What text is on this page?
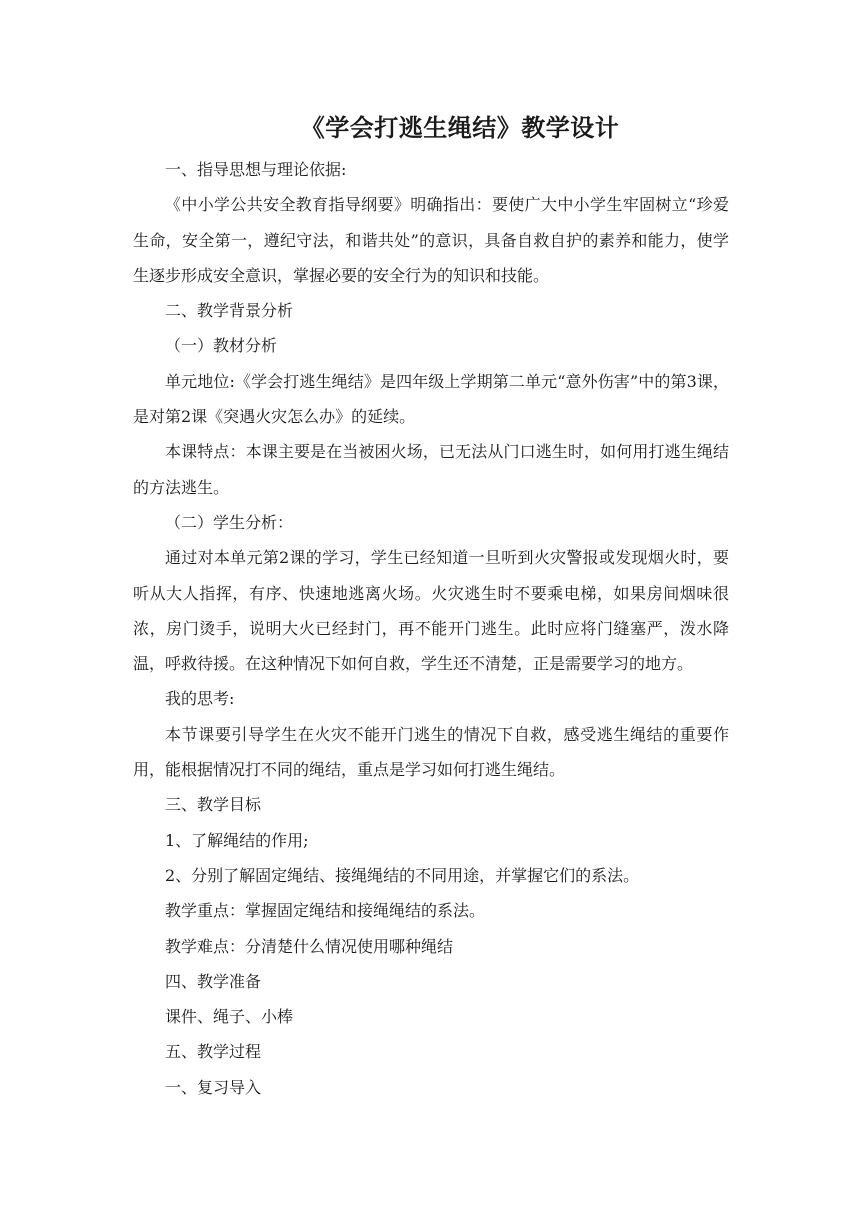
《学会打逃生绳结》教学设计

一、指导思想与理论依据:

《中小学公共安全教育指导纲要》明确指出：要使广大中小学生牢固树立“珍爱生命，安全第一，遵纪守法，和谐共处”的意识，具备自救自护的素养和能力，使学生逐步形成安全意识，掌握必要的安全行为的知识和技能。

二、教学背景分析

（一）教材分析

单元地位:《学会打逃生绳结》是四年级上学期第二单元“意外伤害”中的第3课，是对第2课《突遇火灾怎么办》的延续。

本课特点：本课主要是在当被困火场，已无法从门口逃生时，如何用打逃生绳结的方法逃生。

（二）学生分析：

通过对本单元第2课的学习，学生已经知道一旦听到火灾警报或发现烟火时，要听从大人指挥，有序、快速地逃离火场。火灾逃生时不要乘电梯，如果房间烟味很浓，房门烫手，说明大火已经封门，再不能开门逃生。此时应将门缝塞严，泼水降温，呼救待援。在这种情况下如何自救，学生还不清楚，正是需要学习的地方。

我的思考:

本节课要引导学生在火灾不能开门逃生的情况下自救，感受逃生绳结的重要作用，能根据情况打不同的绳结，重点是学习如何打逃生绳结。

三、教学目标

1、了解绳结的作用;

2、分别了解固定绳结、接绳绳结的不同用途，并掌握它们的系法。

教学重点：掌握固定绳结和接绳绳结的系法。

教学难点：分清楚什么情况使用哪种绳结

四、教学准备

课件、绳子、小棒

五、教学过程

一、复习导入
